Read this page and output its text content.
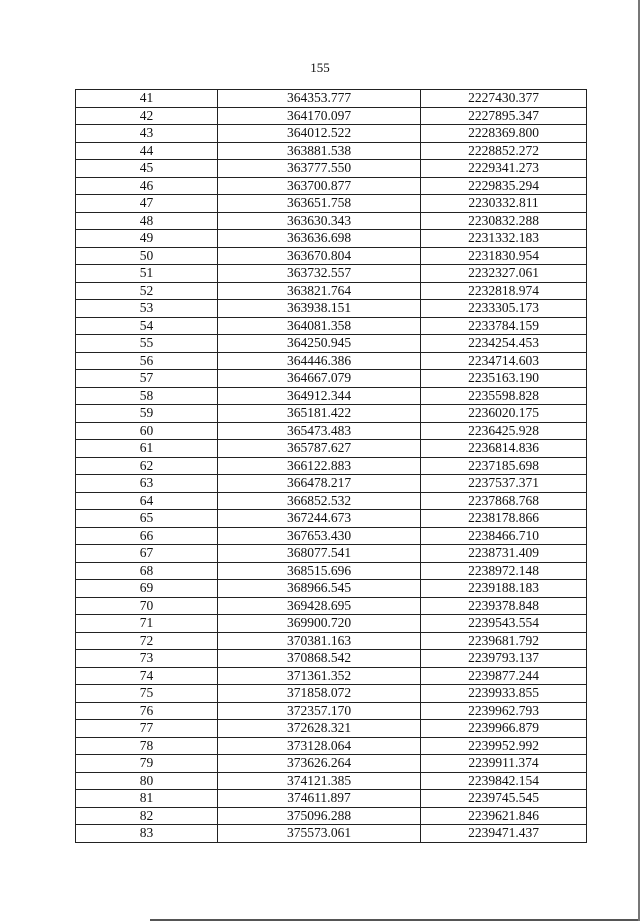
155
41	364353.777	2227430.377
42	364170.097	2227895.347
43	364012.522	2228369.800
44	363881.538	2228852.272
45	363777.550	2229341.273
46	363700.877	2229835.294
47	363651.758	2230332.811
48	363630.343	2230832.288
49	363636.698	2231332.183
50	363670.804	2231830.954
51	363732.557	2232327.061
52	363821.764	2232818.974
53	363938.151	2233305.173
54	364081.358	2233784.159
55	364250.945	2234254.453
56	364446.386	2234714.603
57	364667.079	2235163.190
58	364912.344	2235598.828
59	365181.422	2236020.175
60	365473.483	2236425.928
61	365787.627	2236814.836
62	366122.883	2237185.698
63	366478.217	2237537.371
64	366852.532	2237868.768
65	367244.673	2238178.866
66	367653.430	2238466.710
67	368077.541	2238731.409
68	368515.696	2238972.148
69	368966.545	2239188.183
70	369428.695	2239378.848
71	369900.720	2239543.554
72	370381.163	2239681.792
73	370868.542	2239793.137
74	371361.352	2239877.244
75	371858.072	2239933.855
76	372357.170	2239962.793
77	372628.321	2239966.879
78	373128.064	2239952.992
79	373626.264	2239911.374
80	374121.385	2239842.154
81	374611.897	2239745.545
82	375096.288	2239621.846
83	375573.061	2239471.437
